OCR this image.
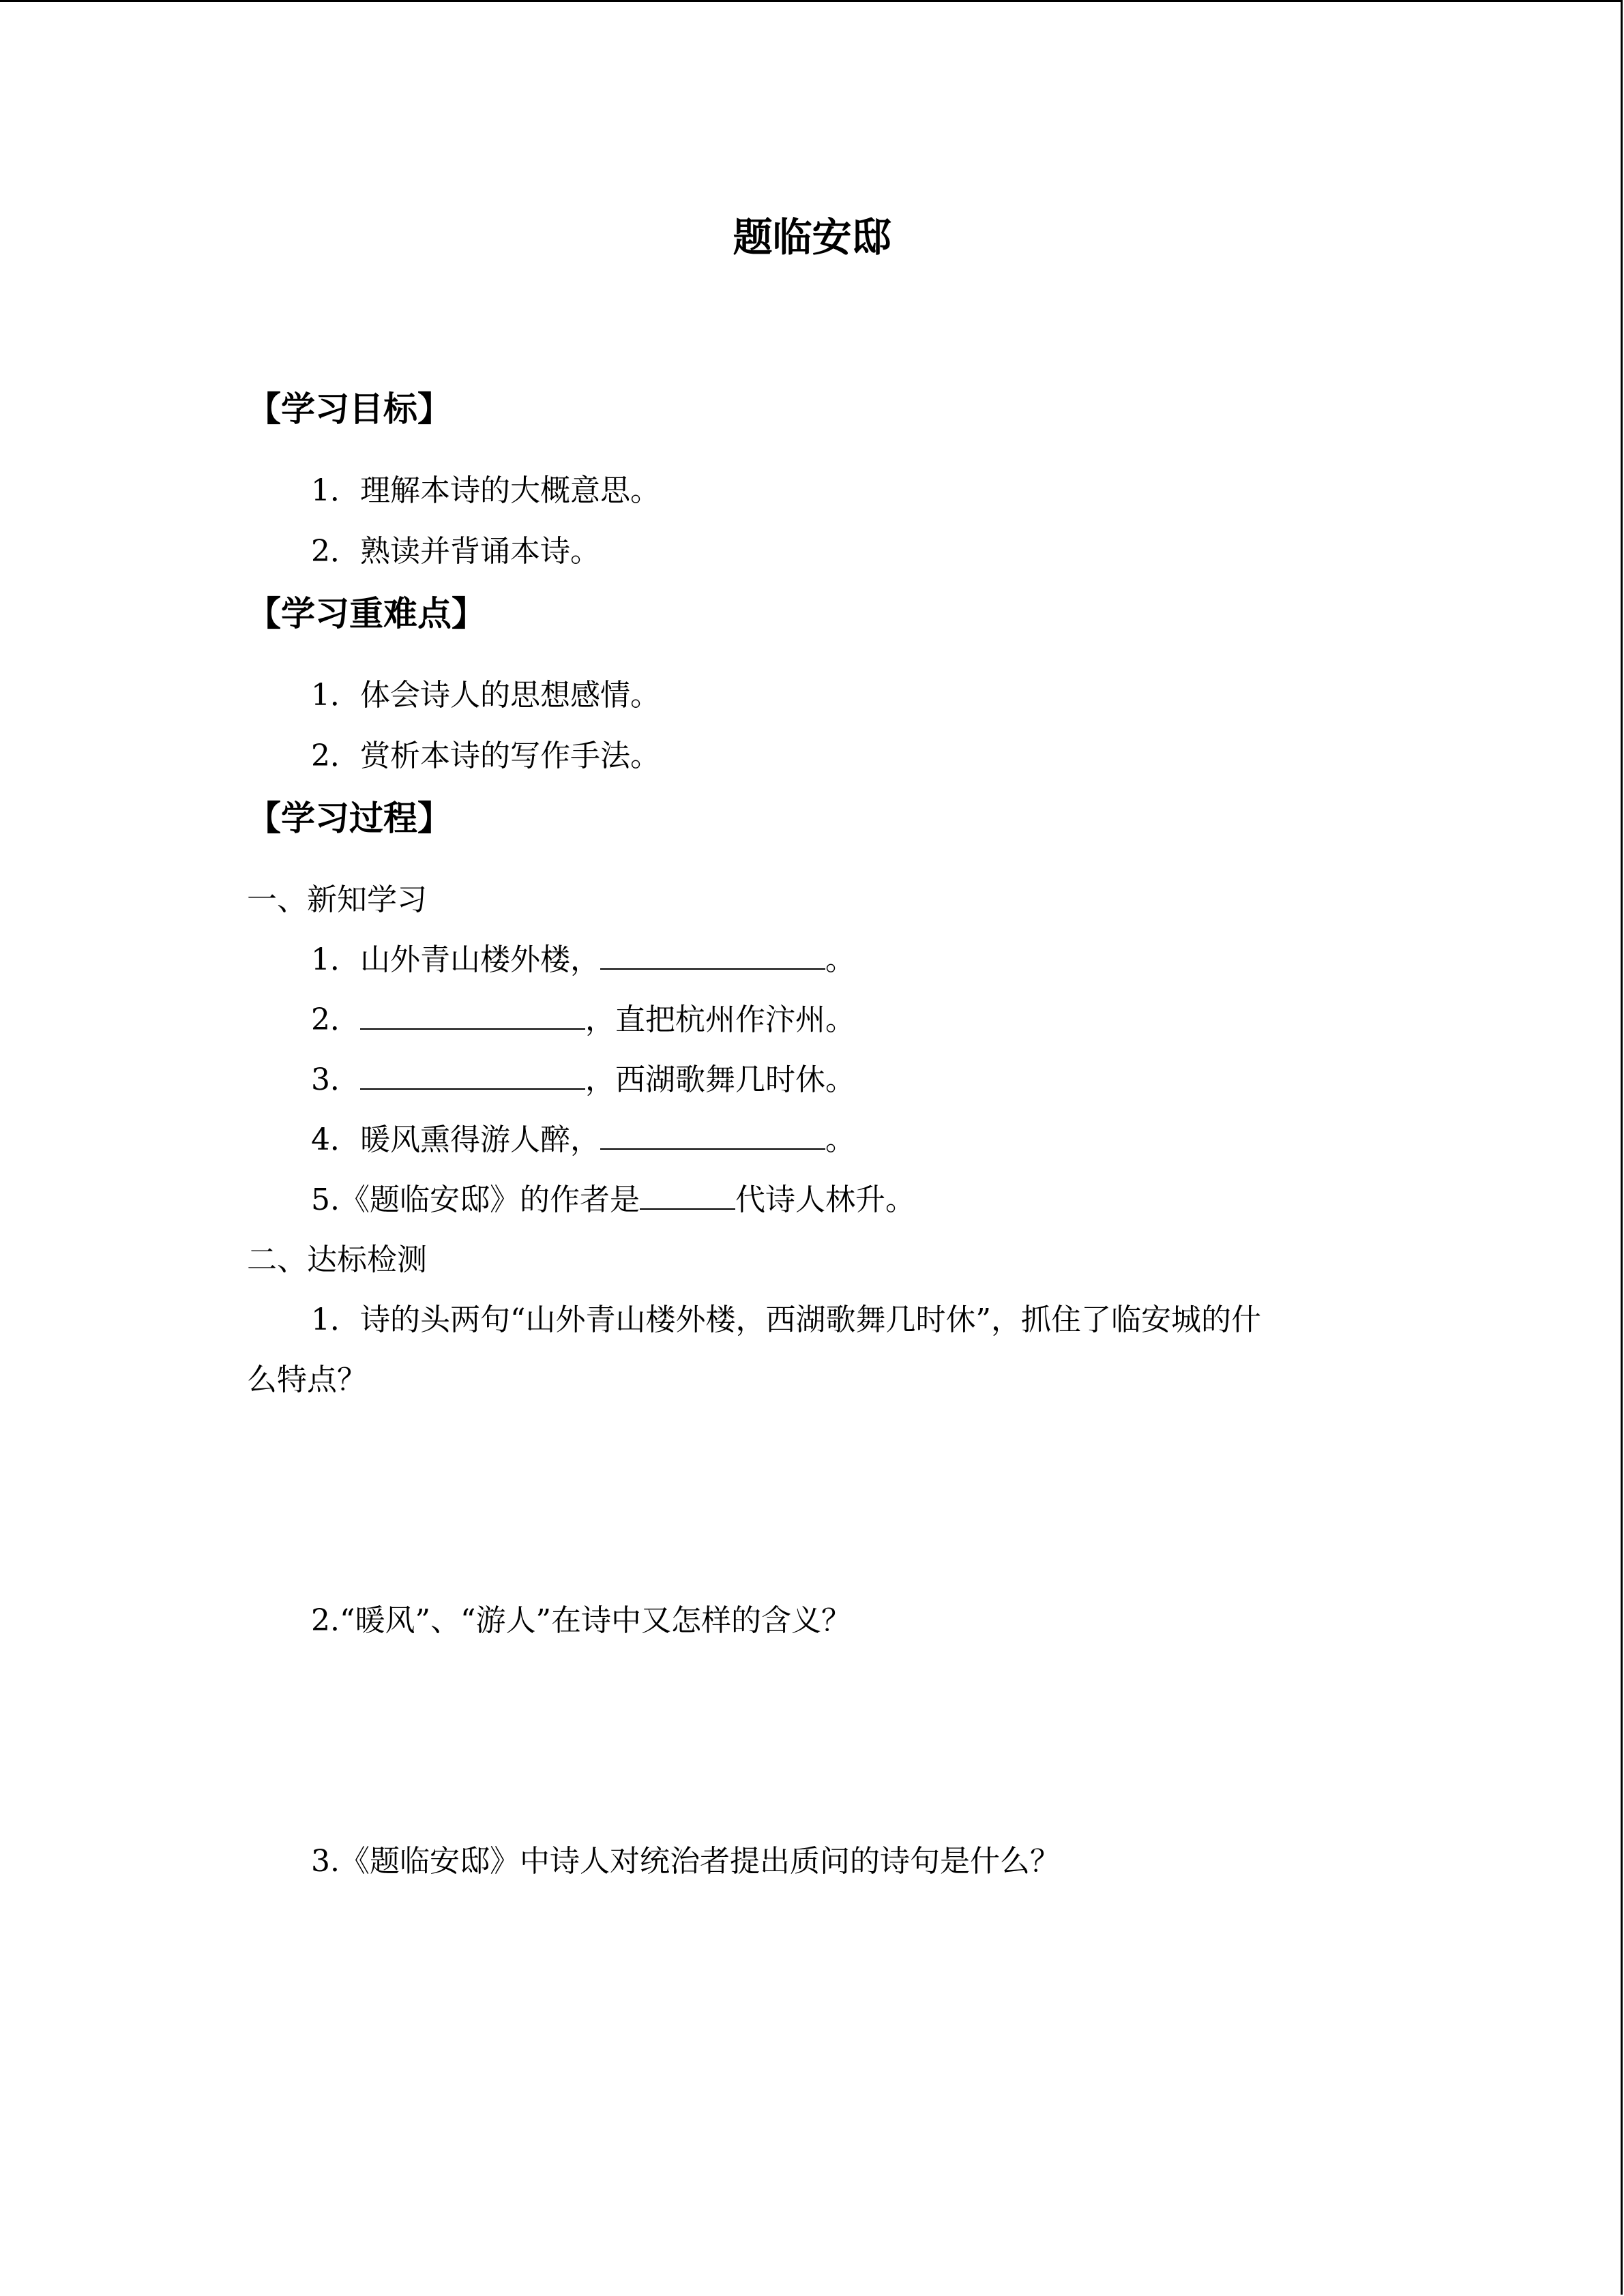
题临安邸
【学习目标】
1．理解本诗的大概意思。
2．熟读并背诵本诗。
【学习重难点】
1．体会诗人的思想感情。
2．赏析本诗的写作手法。
【学习过程】
一、新知学习
1．山外青山楼外楼，	。
2．	，直把杭州作汴州。
3．	，西湖歌舞几时休。
4．暖风熏得游人醉，	。
5.《题临安邸》的作者是	代诗人林升。
二、达标检测
1．诗的头两句“山外青山楼外楼，西湖歌舞几时休”，抓住了临安城的什
么特点？
2.“暖风”、“游人”在诗中又怎样的含义？
3.《题临安邸》中诗人对统治者提出质问的诗句是什么？
